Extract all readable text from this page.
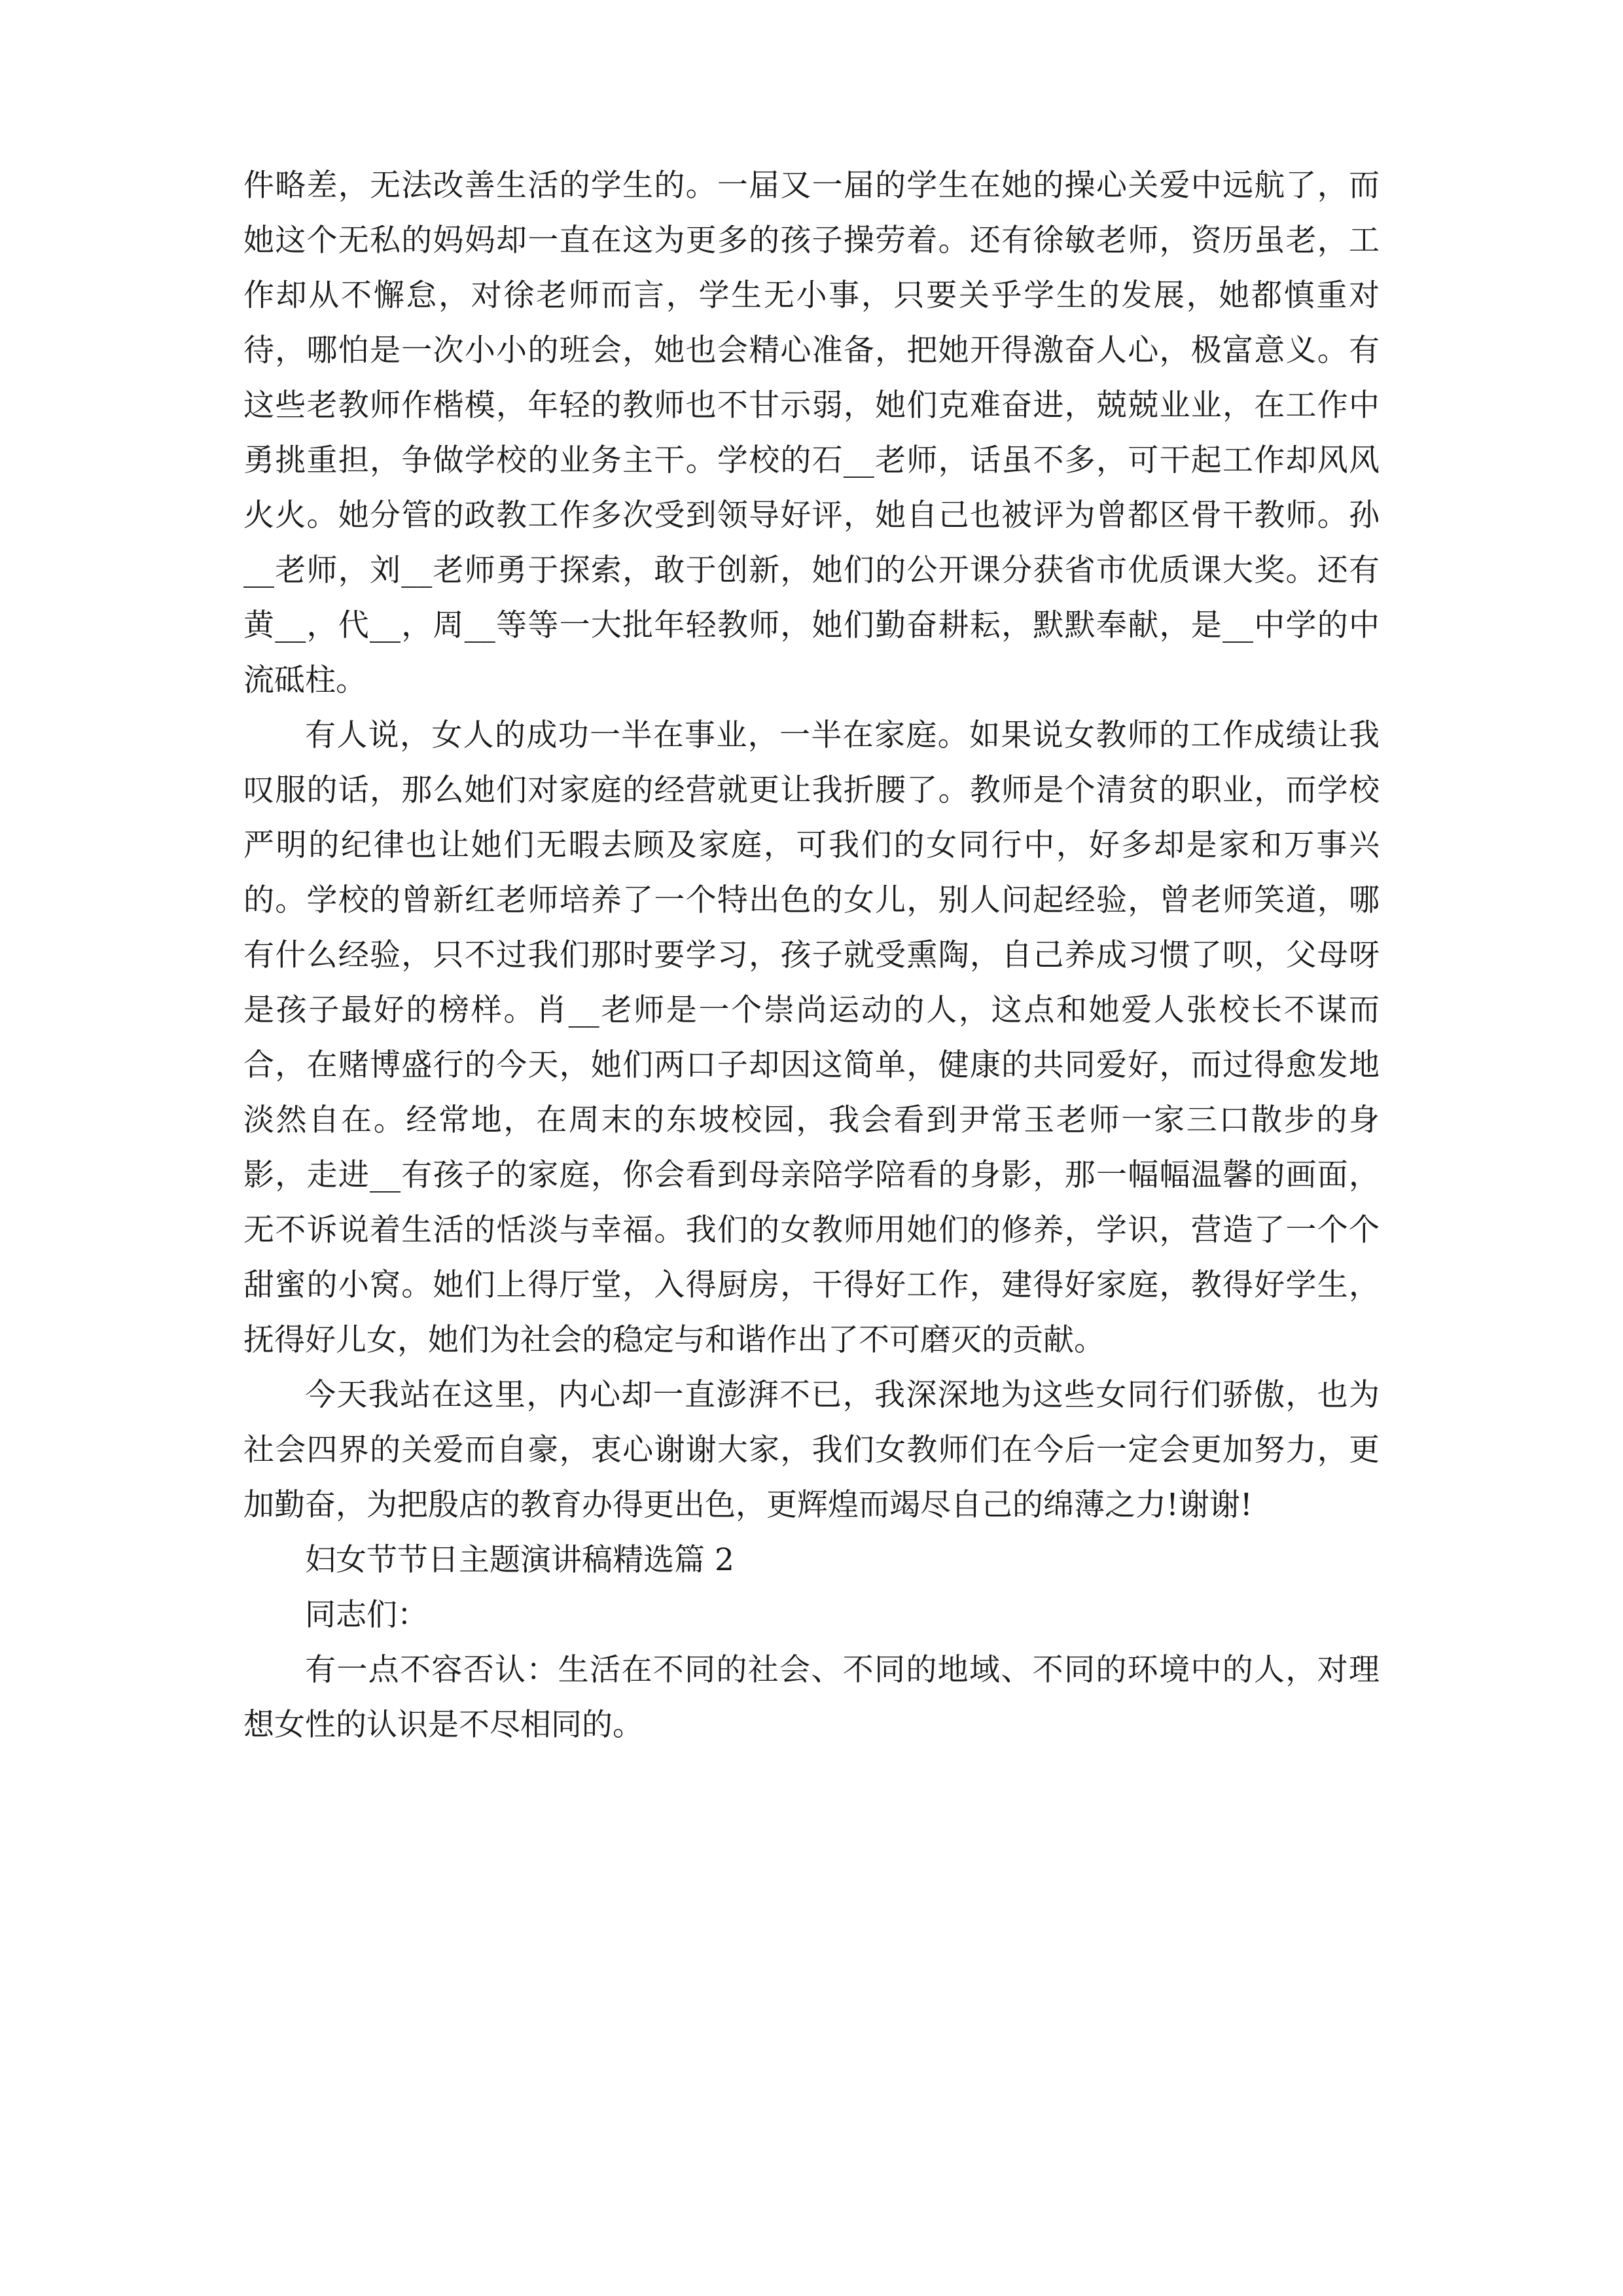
件略差，无法改善生活的学生的。一届又一届的学生在她的操心关爱中远航了，而她这个无私的妈妈却一直在这为更多的孩子操劳着。还有徐敏老师，资历虽老，工作却从不懈怠，对徐老师而言，学生无小事，只要关乎学生的发展，她都慎重对待，哪怕是一次小小的班会，她也会精心准备，把她开得激奋人心，极富意义。有这些老教师作楷模，年轻的教师也不甘示弱，她们克难奋进，兢兢业业，在工作中勇挑重担，争做学校的业务主干。学校的石__老师，话虽不多，可干起工作却风风火火。她分管的政教工作多次受到领导好评，她自己也被评为曾都区骨干教师。孙__老师，刘__老师勇于探索，敢于创新，她们的公开课分获省市优质课大奖。还有黄__，代__，周__等等一大批年轻教师，她们勤奋耕耘，默默奉献，是__中学的中流砥柱。

有人说，女人的成功一半在事业，一半在家庭。如果说女教师的工作成绩让我叹服的话，那么她们对家庭的经营就更让我折腰了。教师是个清贫的职业，而学校严明的纪律也让她们无暇去顾及家庭，可我们的女同行中，好多却是家和万事兴的。学校的曾新红老师培养了一个特出色的女儿，别人问起经验，曾老师笑道，哪有什么经验，只不过我们那时要学习，孩子就受熏陶，自己养成习惯了呗，父母呀是孩子最好的榜样。肖__老师是一个崇尚运动的人，这点和她爱人张校长不谋而合，在赌博盛行的今天，她们两口子却因这简单，健康的共同爱好，而过得愈发地淡然自在。经常地，在周末的东坡校园，我会看到尹常玉老师一家三口散步的身影，走进__有孩子的家庭，你会看到母亲陪学陪看的身影，那一幅幅温馨的画面，无不诉说着生活的恬淡与幸福。我们的女教师用她们的修养，学识，营造了一个个甜蜜的小窝。她们上得厅堂，入得厨房，干得好工作，建得好家庭，教得好学生，抚得好儿女，她们为社会的稳定与和谐作出了不可磨灭的贡献。

今天我站在这里，内心却一直澎湃不已，我深深地为这些女同行们骄傲，也为社会四界的关爱而自豪，衷心谢谢大家，我们女教师们在今后一定会更加努力，更加勤奋，为把殷店的教育办得更出色，更辉煌而竭尽自己的绵薄之力!谢谢!

妇女节节日主题演讲稿精选篇 2

同志们：

有一点不容否认：生活在不同的社会、不同的地域、不同的环境中的人，对理想女性的认识是不尽相同的。
